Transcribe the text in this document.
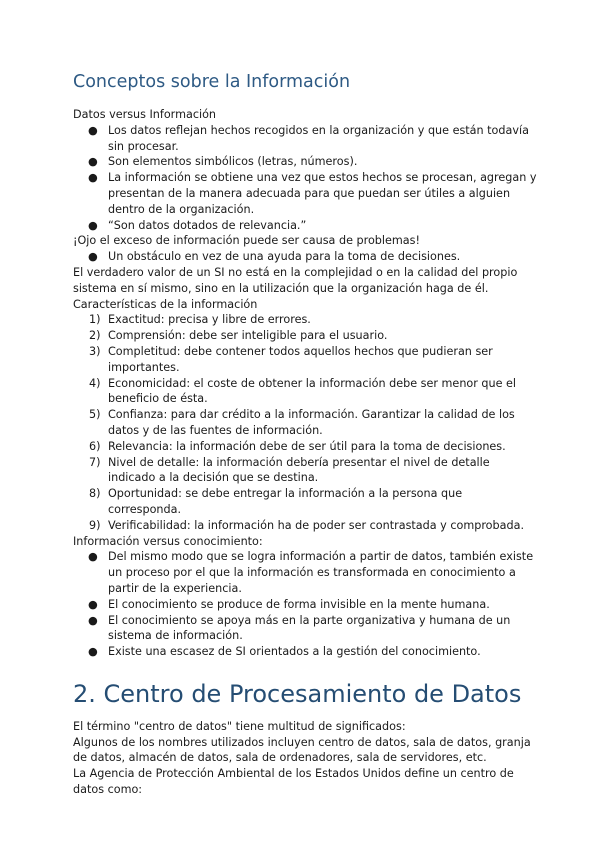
Conceptos sobre la Información

Datos versus Información

● Los datos reflejan hechos recogidos en la organización y que están todavía sin procesar.
● Son elementos simbólicos (letras, números).
● La información se obtiene una vez que estos hechos se procesan, agregan y presentan de la manera adecuada para que puedan ser útiles a alguien dentro de la organización.
● “Son datos dotados de relevancia.”

¡Ojo el exceso de información puede ser causa de problemas!

● Un obstáculo en vez de una ayuda para la toma de decisiones.

El verdadero valor de un SI no está en la complejidad o en la calidad del propio sistema en sí mismo, sino en la utilización que la organización haga de él.

Características de la información

1) Exactitud: precisa y libre de errores.
2) Comprensión: debe ser inteligible para el usuario.
3) Completitud: debe contener todos aquellos hechos que pudieran ser importantes.
4) Economicidad: el coste de obtener la información debe ser menor que el beneficio de ésta.
5) Confianza: para dar crédito a la información. Garantizar la calidad de los datos y de las fuentes de información.
6) Relevancia: la información debe de ser útil para la toma de decisiones.
7) Nivel de detalle: la información debería presentar el nivel de detalle indicado a la decisión que se destina.
8) Oportunidad: se debe entregar la información a la persona que corresponda.
9) Verificabilidad: la información ha de poder ser contrastada y comprobada.

Información versus conocimiento:

● Del mismo modo que se logra información a partir de datos, también existe un proceso por el que la información es transformada en conocimiento a partir de la experiencia.
● El conocimiento se produce de forma invisible en la mente humana.
● El conocimiento se apoya más en la parte organizativa y humana de un sistema de información.
● Existe una escasez de SI orientados a la gestión del conocimiento.
2. Centro de Procesamiento de Datos

El término "centro de datos" tiene multitud de significados:

Algunos de los nombres utilizados incluyen centro de datos, sala de datos, granja de datos, almacén de datos, sala de ordenadores, sala de servidores, etc.

La Agencia de Protección Ambiental de los Estados Unidos define un centro de datos como:
